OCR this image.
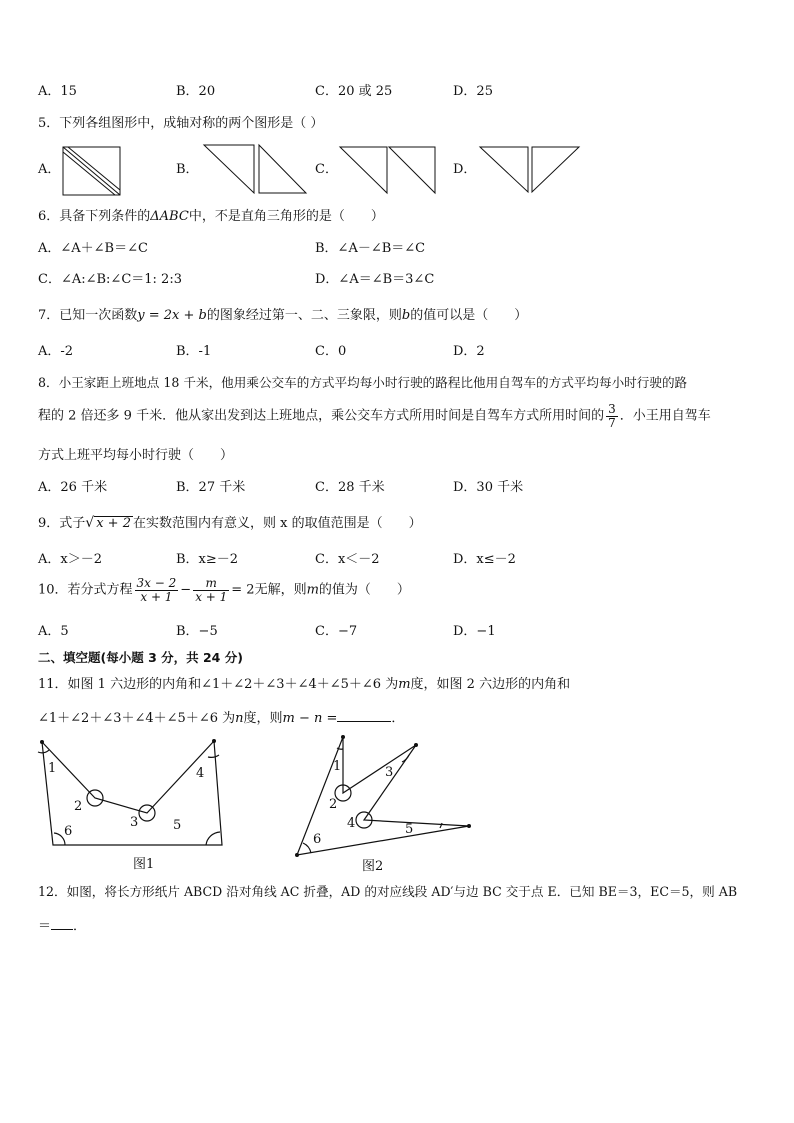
A．15	B．20	C．20 或 25	D．25
5．下列各组图形中，成轴对称的两个图形是（ ）
A．	B．	C．	D．
6．具备下列条件的ΔABC中，不是直角三角形的是（　　）
A．∠A＋∠B＝∠C	B．∠A－∠B＝∠C
C．∠A:∠B:∠C＝1: 2:3	D．∠A＝∠B＝3∠C
7．已知一次函数y = 2x + b的图象经过第一、二、三象限，则b的值可以是（　　）
A．-2	B．-1	C．0	D．2
8．小王家距上班地点 18 千米，他用乘公交车的方式平均每小时行驶的路程比他用自驾车的方式平均每小时行驶的路
程的 2 倍还多 9 千米．他从家出发到达上班地点，乘公交车方式所用时间是自驾车方式所用时间的 $\frac{3}{7}$ ．小王用自驾车
方式上班平均每小时行驶（　　）
A．26 千米	B．27 千米	C．28 千米	D．30 千米
9．式子√ x + 2 在实数范围内有意义，则 x 的取值范围是（　　）
A．x＞－2	B．x≥－2	C．x＜－2	D．x≤－2
10．若分式方程 $\frac{3x - 2}{x + 1} - \frac{m}{x + 1} = 2$无解，则m的值为（　　）
A．5	B．−5	C．−7	D．−1
二、填空题(每小题 3 分，共 24 分)
11．如图 1 六边形的内角和∠1＋∠2＋∠3＋∠4＋∠5＋∠6 为m度，如图 2 六边形的内角和
∠1＋∠2＋∠3＋∠4＋∠5＋∠6 为n度，则m − n =	．
1
2
3
4
5
6
图1
1
2
3
4	5
6
图2
12．如图，将长方形纸片 ABCD 沿对角线 AC 折叠，AD 的对应线段 AD′与边 BC 交于点 E．已知 BE＝3，EC＝5，则 AB
＝ ．
